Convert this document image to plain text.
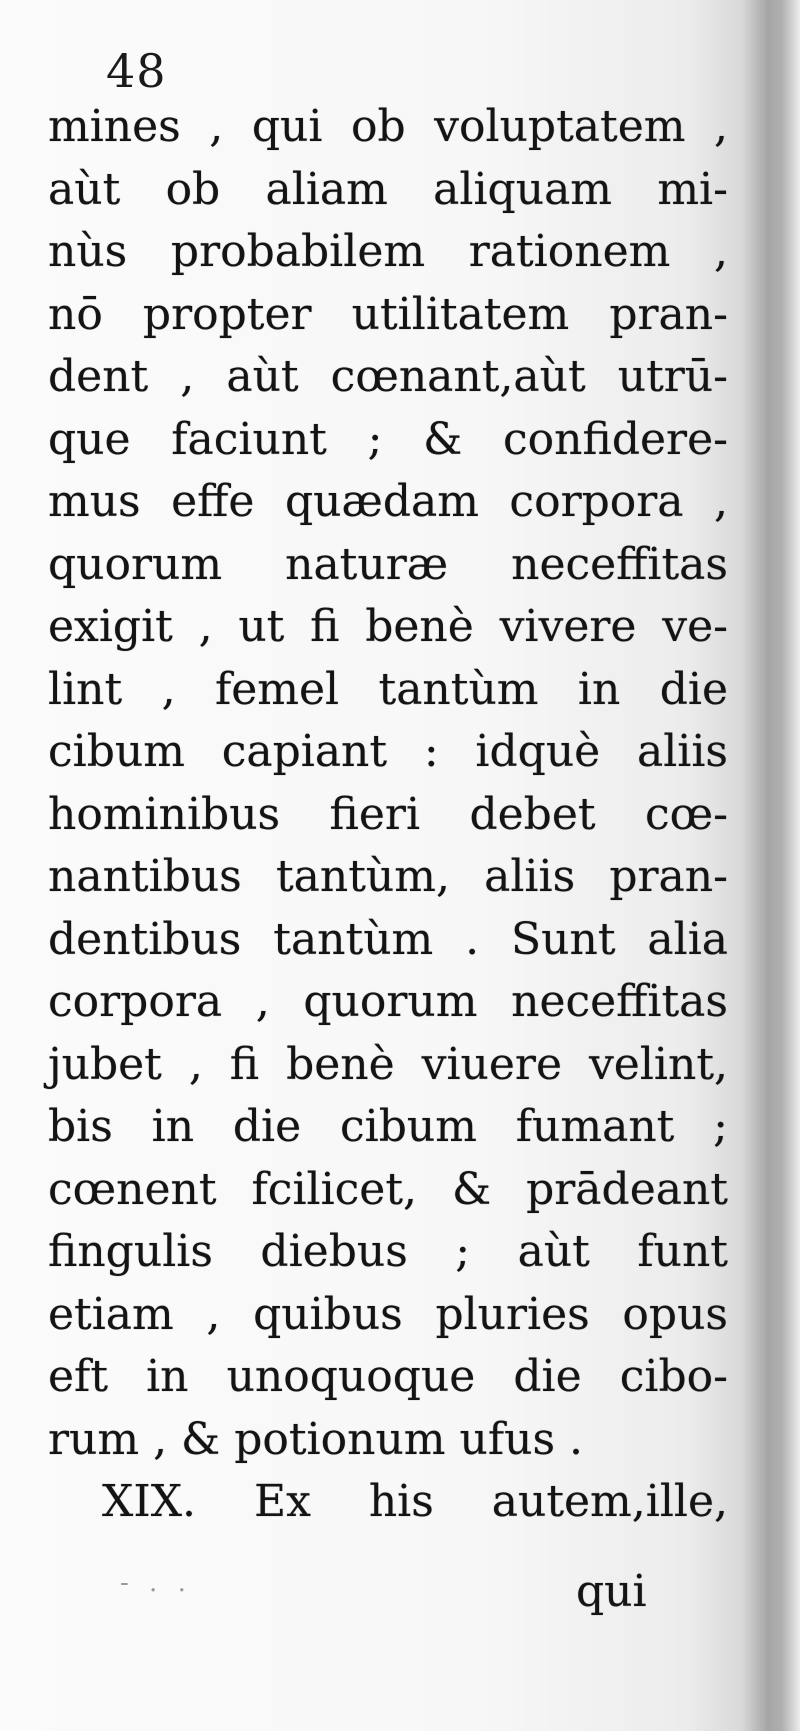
48
mines , qui ob voluptatem ,
aùt ob aliam aliquam mi-
nùs probabilem rationem ,
nō propter utilitatem pran-
dent , aùt cœnant,aùt utrū-
que faciunt ; & confidere-
mus effe quædam corpora ,
quorum naturæ neceffitas
exigit , ut fi benè vivere ve-
lint , femel tantùm in die
cibum capiant : idquè aliis
hominibus fieri debet cœ-
nantibus tantùm, aliis pran-
dentibus tantùm . Sunt alia
corpora , quorum neceffitas
jubet , fi benè viuere velint,
bis in die cibum fumant ;
cœnent fcilicet, & prādeant
fingulis diebus ; aùt funt
etiam , quibus pluries opus
eft in unoquoque die cibo-
rum , & potionum ufus .
XIX. Ex his autem,ille,
- . .	qui
